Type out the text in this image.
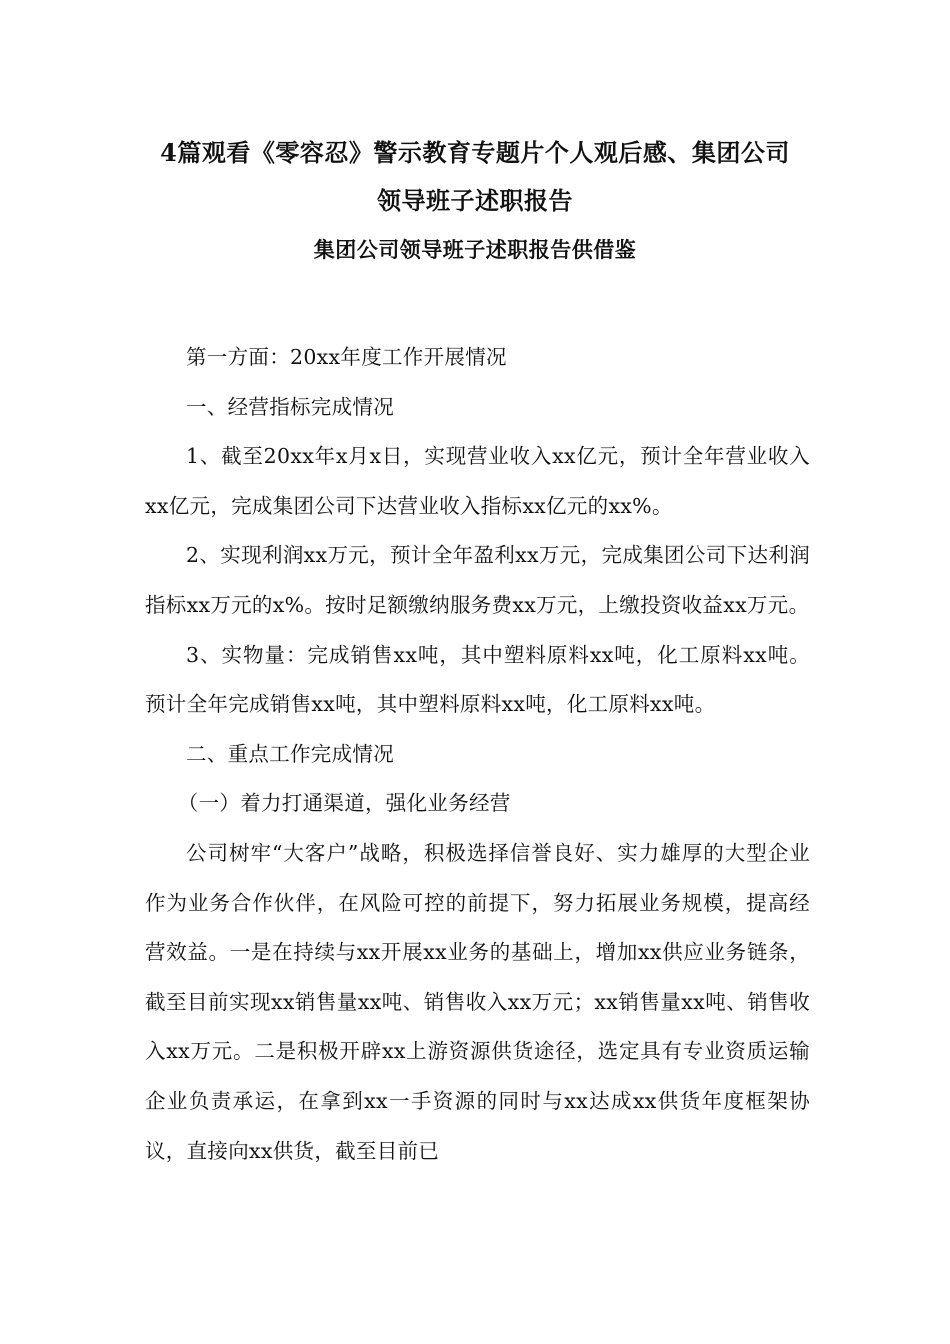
4篇观看《零容忍》警示教育专题片个人观后感、集团公司
领导班子述职报告
集团公司领导班子述职报告供借鉴

第一方面：20xx年度工作开展情况

一、经营指标完成情况

1、截至20xx年x月x日，实现营业收入xx亿元，预计全年营业收入xx亿元，完成集团公司下达营业收入指标xx亿元的xx%。

2、实现利润xx万元，预计全年盈利xx万元，完成集团公司下达利润指标xx万元的x%。按时足额缴纳服务费xx万元，上缴投资收益xx万元。

3、实物量：完成销售xx吨，其中塑料原料xx吨，化工原料xx吨。预计全年完成销售xx吨，其中塑料原料xx吨，化工原料xx吨。

二、重点工作完成情况

（一）着力打通渠道，强化业务经营

公司树牢“大客户”战略，积极选择信誉良好、实力雄厚的大型企业作为业务合作伙伴，在风险可控的前提下，努力拓展业务规模，提高经营效益。一是在持续与xx开展xx业务的基础上，增加xx供应业务链条，截至目前实现xx销售量xx吨、销售收入xx万元；xx销售量xx吨、销售收入xx万元。二是积极开辟xx上游资源供货途径，选定具有专业资质运输企业负责承运，在拿到xx一手资源的同时与xx达成xx供货年度框架协议，直接向xx供货，截至目前已
